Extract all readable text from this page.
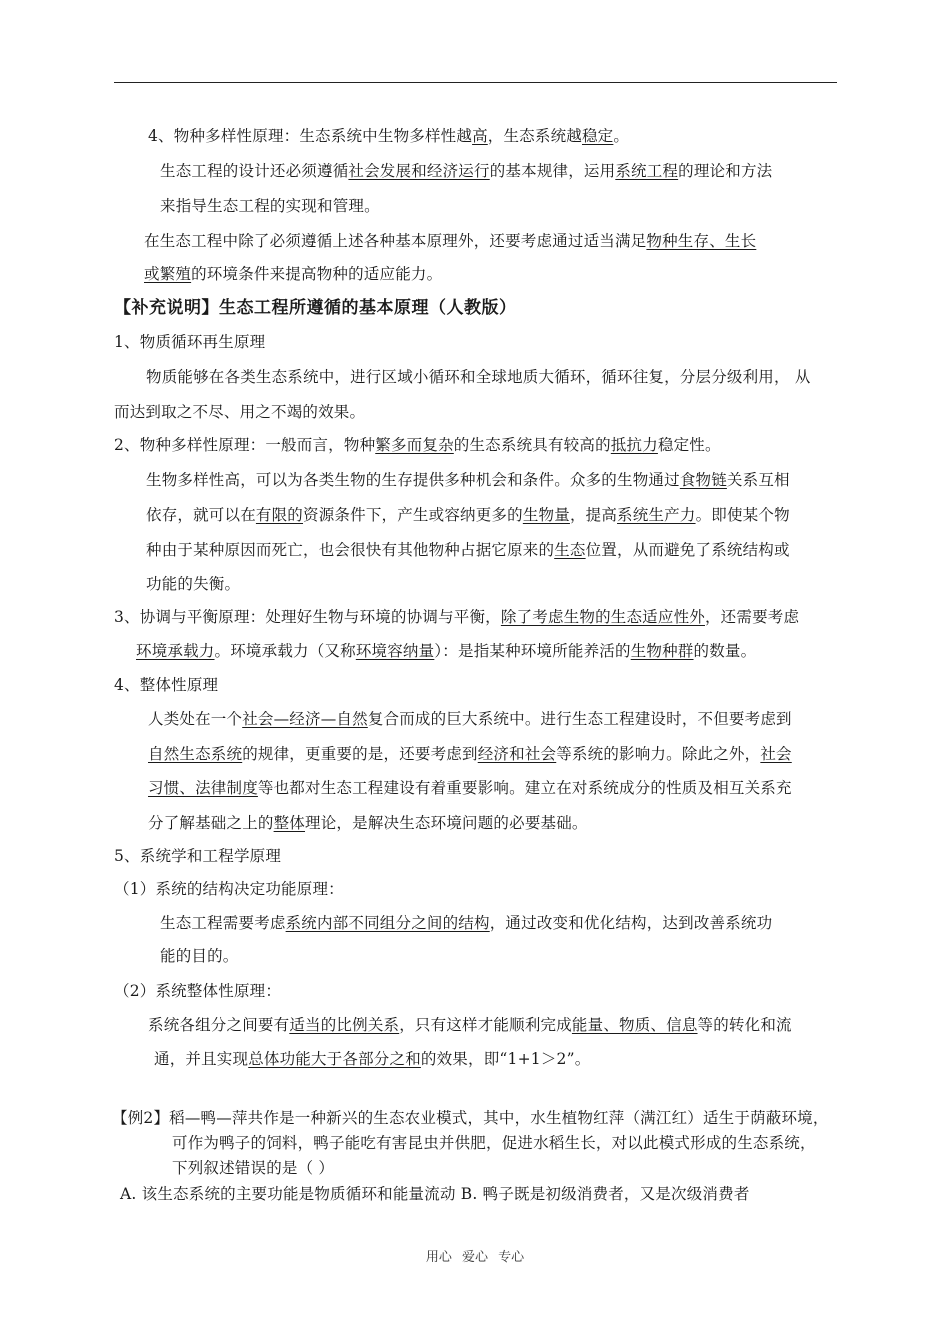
4、物种多样性原理：生态系统中生物多样性越高，生态系统越稳定。
生态工程的设计还必须遵循社会发展和经济运行的基本规律，运用系统工程的理论和方法
来指导生态工程的实现和管理。
在生态工程中除了必须遵循上述各种基本原理外，还要考虑通过适当满足物种生存、生长
或繁殖的环境条件来提高物种的适应能力。
【补充说明】生态工程所遵循的基本原理（人教版）
1、物质循环再生原理
物质能够在各类生态系统中，进行区域小循环和全球地质大循环，循环往复，分层分级利用， 从
而达到取之不尽、用之不竭的效果。
2、物种多样性原理：一般而言，物种繁多而复杂的生态系统具有较高的抵抗力稳定性。
生物多样性高，可以为各类生物的生存提供多种机会和条件。众多的生物通过食物链关系互相
依存，就可以在有限的资源条件下，产生或容纳更多的生物量，提高系统生产力。即使某个物
种由于某种原因而死亡，也会很快有其他物种占据它原来的生态位置，从而避免了系统结构或
功能的失衡。
3、协调与平衡原理：处理好生物与环境的协调与平衡，除了考虑生物的生态适应性外，还需要考虑
环境承载力。环境承载力（又称环境容纳量）：是指某种环境所能养活的生物种群的数量。
4、整体性原理
人类处在一个社会—经济—自然复合而成的巨大系统中。进行生态工程建设时，不但要考虑到
自然生态系统的规律，更重要的是，还要考虑到经济和社会等系统的影响力。除此之外，社会
习惯、法律制度等也都对生态工程建设有着重要影响。建立在对系统成分的性质及相互关系充
分了解基础之上的整体理论，是解决生态环境问题的必要基础。
5、系统学和工程学原理
（1）系统的结构决定功能原理：
生态工程需要考虑系统内部不同组分之间的结构，通过改变和优化结构，达到改善系统功
能的目的。
（2）系统整体性原理：
系统各组分之间要有适当的比例关系，只有这样才能顺利完成能量、物质、信息等的转化和流
通，并且实现总体功能大于各部分之和的效果，即“1+1＞2”。
【例2】稻—鸭—萍共作是一种新兴的生态农业模式，其中，水生植物红萍（满江红）适生于荫蔽环境，
可作为鸭子的饲料，鸭子能吃有害昆虫并供肥，促进水稻生长，对以此模式形成的生态系统，
下列叙述错误的是（ ）
A. 该生态系统的主要功能是物质循环和能量流动 B. 鸭子既是初级消费者，又是次级消费者
用心 爱心 专心
